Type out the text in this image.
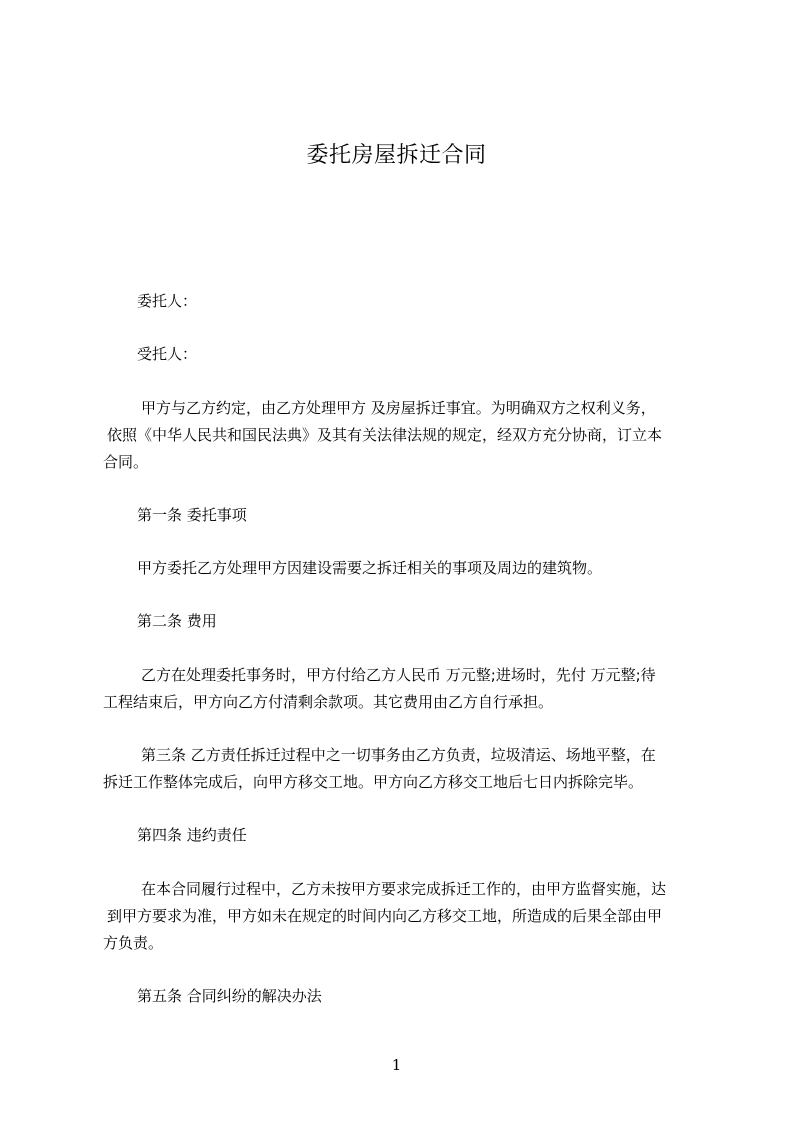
委托房屋拆迁合同
委托人：
受托人：
甲方与乙方约定，由乙方处理甲方 及房屋拆迁事宜。为明确双方之权利义务，
依照《中华人民共和国民法典》及其有关法律法规的规定，经双方充分协商，订立本
合同。
第一条 委托事项
甲方委托乙方处理甲方因建设需要之拆迁相关的事项及周边的建筑物。
第二条 费用
乙方在处理委托事务时，甲方付给乙方人民币 万元整;进场时，先付 万元整;待
工程结束后，甲方向乙方付清剩余款项。其它费用由乙方自行承担。
第三条 乙方责任拆迁过程中之一切事务由乙方负责，垃圾清运、场地平整，在
拆迁工作整体完成后，向甲方移交工地。甲方向乙方移交工地后七日内拆除完毕。
第四条 违约责任
在本合同履行过程中，乙方未按甲方要求完成拆迁工作的，由甲方监督实施，达
到甲方要求为准，甲方如未在规定的时间内向乙方移交工地，所造成的后果全部由甲
方负责。
第五条 合同纠纷的解决办法
1
